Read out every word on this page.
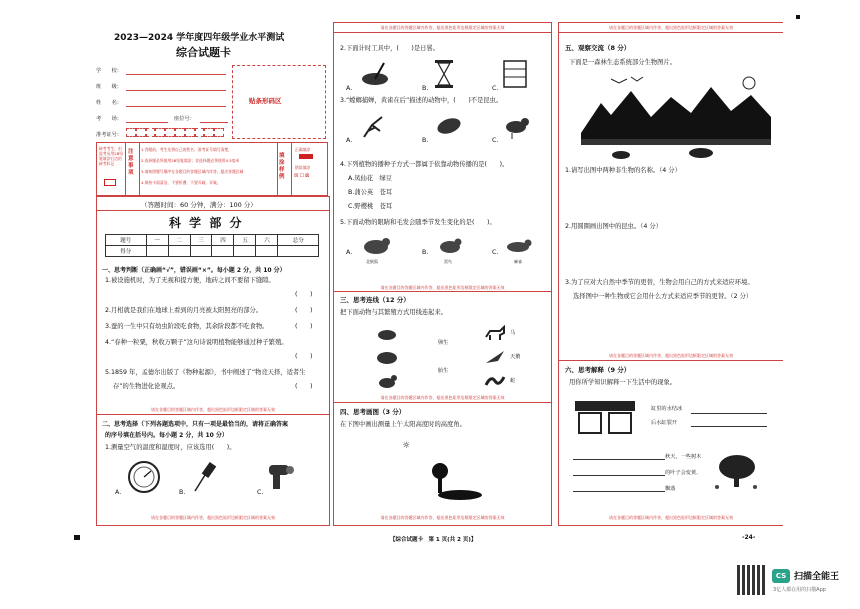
2023—2024 学年度四年级学业水平测试
综合试题卡
学　　校：
班　　级：
姓　　名：
考　　场：	座位号：
准考证号：
贴条形码区
缺考考生，由监考员用2B铅笔填涂右边的缺考标记
注意事项
1.答题前，考生先将自己的姓名、准考证号填写清楚，
2.选择题必须使用2B铅笔填涂；非选择题必须使用0.5毫米
3.请按照题号顺序在各题目的答题区域内作答，超出答题区域
4.保持卡面清洁，不要折叠、不要弄破、弄皱。
填涂样例
正确填涂
错误填涂
☒☐⊠
（答题时间：60 分钟，满分：100 分）
科 学 部 分
题号	一	二	三	四	五	六	总分
得分							
一、思考判断（正确画“√”，错误画“×”。每小题 2 分，共 10 分）
1.被设施机时，为了无视和提方便，地砖之间不要留下缝隙。
(　　)
2.月相就是我们在地球上看到的月亮被太阳照亮的部分。	(　　)
3.蚕的一生中只有幼虫阶段吃食物，其余阶段都不吃食物。	(　　)
4.“春种一粒粟，秋收万颗子”这句诗说明植物能够通过种子繁殖。
(　　)
5.1859 年，孟德尔出版了《物种起源》，书中阐述了“物竞天择，适者生
存”的生物进化论观点。	(　　)
请在各题目的答题区域内作答，超出黑色矩形边框限定区域的答案无效
二、思考选择（下列各题选项中，只有一项是最恰当的，请将正确答案
的序号填在括号内。每小题 2 分，共 10 分）
1.测量空气的温度和湿度时，应该选用(　　)。
A.	B.	C.
请在各题目的答题区域内作答，超出黑色矩形边框限定区域的答案无效
请在各题目的答题区域内作答，超出黑色矩形边框限定区域的答案无效
2.下面计时工具中，(　　)是日晷。
A.	B.	C.
3.“螳螂捕蝉，黄雀在后”描述的动物中，(　　)不是昆虫。
A.	B.	C.
4.下列植物的播种子方式一都属于依靠动物传播的是(　　)。
A.凤仙花　绿豆
B.蒲公英　苍耳
C.野樱桃　苍耳
5.下面动物的眼睛和毛发会随季节发生变化的是(　　)。
A.
北极狐
B.
雷鸟
C.
麻雀
请在各题目的答题区域内作答，超出黑色矩形边框限定区域的答案无效
三、思考连线（12 分）
把下面动物与其繁殖方式用线连起来。
卵生
胎生
马
天鹅
蛇
请在各题目的答题区域内作答，超出黑色矩形边框限定区域的答案无效
四、思考画图（3 分）
在下图中画出测量上午太阳高度时的高度角。
☼
请在各题目的答题区域内作答，超出黑色矩形边框限定区域的答案无效
请在各题目的答题区域内作答，超出黑色矩形边框限定区域的答案无效
五、观察交流（8 分）
下面是一森林生态系统部分生物图片。
1.请写出图中两种非生物的名称。（4 分）
2.用圆圈画出图中的昆虫。（4 分）
3.为了应对大自然中季节的更替，生物会用自己的方式来适应环境。
选择图中一种生物或它会用什么方式来适应季节的更替。（2 分）
请在各题目的答题区域内作答，超出黑色矩形边框限定区域的答案无效
六、思考解释（9 分）
用你所学知识解释一下生活中的现象。
缸里的水结冰
后水缸裂开
秋天，一些树木
的叶子会变黄、
飘落
请在各题目的答题区域内作答，超出黑色矩形边框限定区域的答案无效
【综合试题卡　第 1 页(共 2 页)】	-24-
CS 扫描全能王
3亿人都在用的扫描App
